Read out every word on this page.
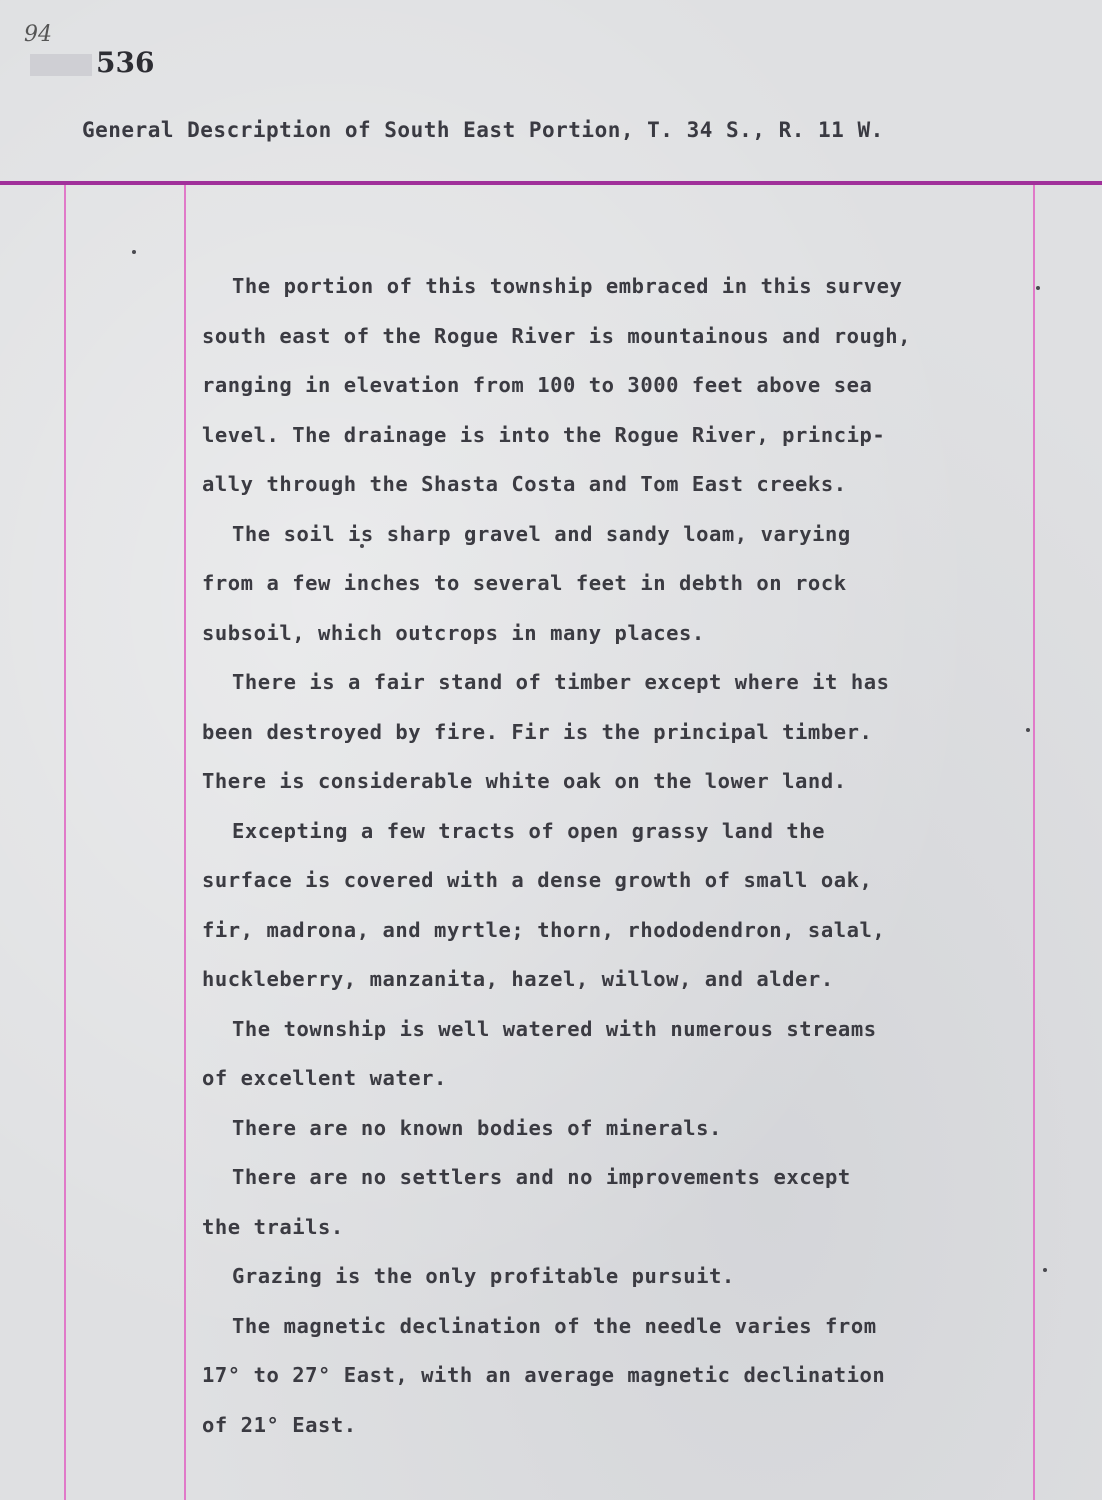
94
536
General Description of South East Portion, T. 34 S., R. 11 W.
The portion of this township embraced in this survey
south east of the Rogue River is mountainous and rough,
ranging in elevation from 100 to 3000 feet above sea
level. The drainage is into the Rogue River, princip-
ally through the Shasta Costa and Tom East creeks.
The soil is sharp gravel and sandy loam, varying
from a few inches to several feet in debth on rock
subsoil, which outcrops in many places.
There is a fair stand of timber except where it has
been destroyed by fire. Fir is the principal timber.
There is considerable white oak on the lower land.
Excepting a few tracts of open grassy land the
surface is covered with a dense growth of small oak,
fir, madrona, and myrtle; thorn, rhododendron, salal,
huckleberry, manzanita, hazel, willow, and alder.
The township is well watered with numerous streams
of excellent water.
There are no known bodies of minerals.
There are no settlers and no improvements except
the trails.
Grazing is the only profitable pursuit.
The magnetic declination of the needle varies from
17° to 27° East, with an average magnetic declination
of 21° East.
